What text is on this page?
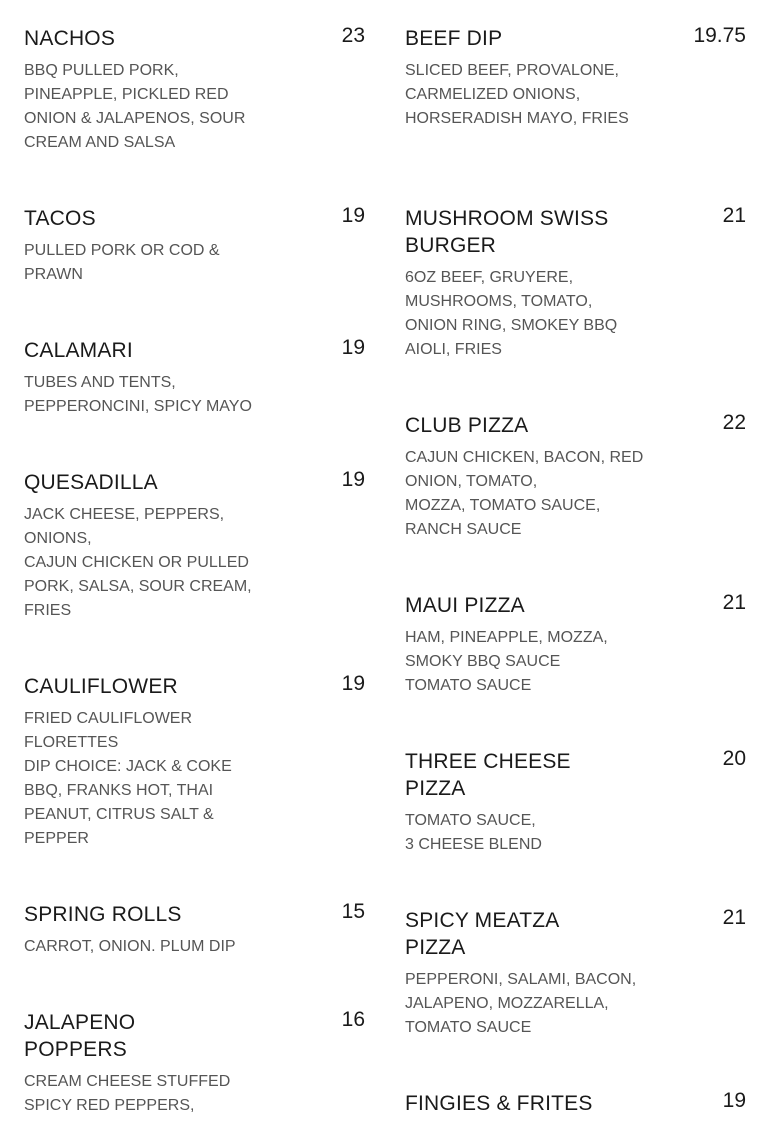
NACHOS	23
BBQ PULLED PORK,
PINEAPPLE, PICKLED RED
ONION & JALAPENOS, SOUR
CREAM AND SALSA
TACOS	19
PULLED PORK OR COD &
PRAWN
CALAMARI	19
TUBES AND TENTS,
PEPPERONCINI, SPICY MAYO
QUESADILLA	19
JACK CHEESE, PEPPERS,
ONIONS,
CAJUN CHICKEN OR PULLED
PORK, SALSA, SOUR CREAM,
FRIES
CAULIFLOWER	19
FRIED CAULIFLOWER
FLORETTES
DIP CHOICE: JACK & COKE
BBQ, FRANKS HOT, THAI
PEANUT, CITRUS SALT &
PEPPER
SPRING ROLLS	15
CARROT, ONION. PLUM DIP
JALAPENO
POPPERS
16
CREAM CHEESE STUFFED
SPICY RED PEPPERS,
BEEF DIP	19.75
SLICED BEEF, PROVALONE,
CARMELIZED ONIONS,
HORSERADISH MAYO, FRIES
MUSHROOM SWISS
BURGER
21
6OZ BEEF, GRUYERE,
MUSHROOMS, TOMATO,
ONION RING, SMOKEY BBQ
AIOLI, FRIES
CLUB PIZZA	22
CAJUN CHICKEN, BACON, RED
ONION, TOMATO,
MOZZA, TOMATO SAUCE,
RANCH SAUCE
MAUI PIZZA	21
HAM, PINEAPPLE, MOZZA,
SMOKY BBQ SAUCE
TOMATO SAUCE
THREE CHEESE
PIZZA
20
TOMATO SAUCE,
3 CHEESE BLEND
SPICY MEATZA
PIZZA
21
PEPPERONI, SALAMI, BACON,
JALAPENO, MOZZARELLA,
TOMATO SAUCE
FINGIES & FRITES	19
